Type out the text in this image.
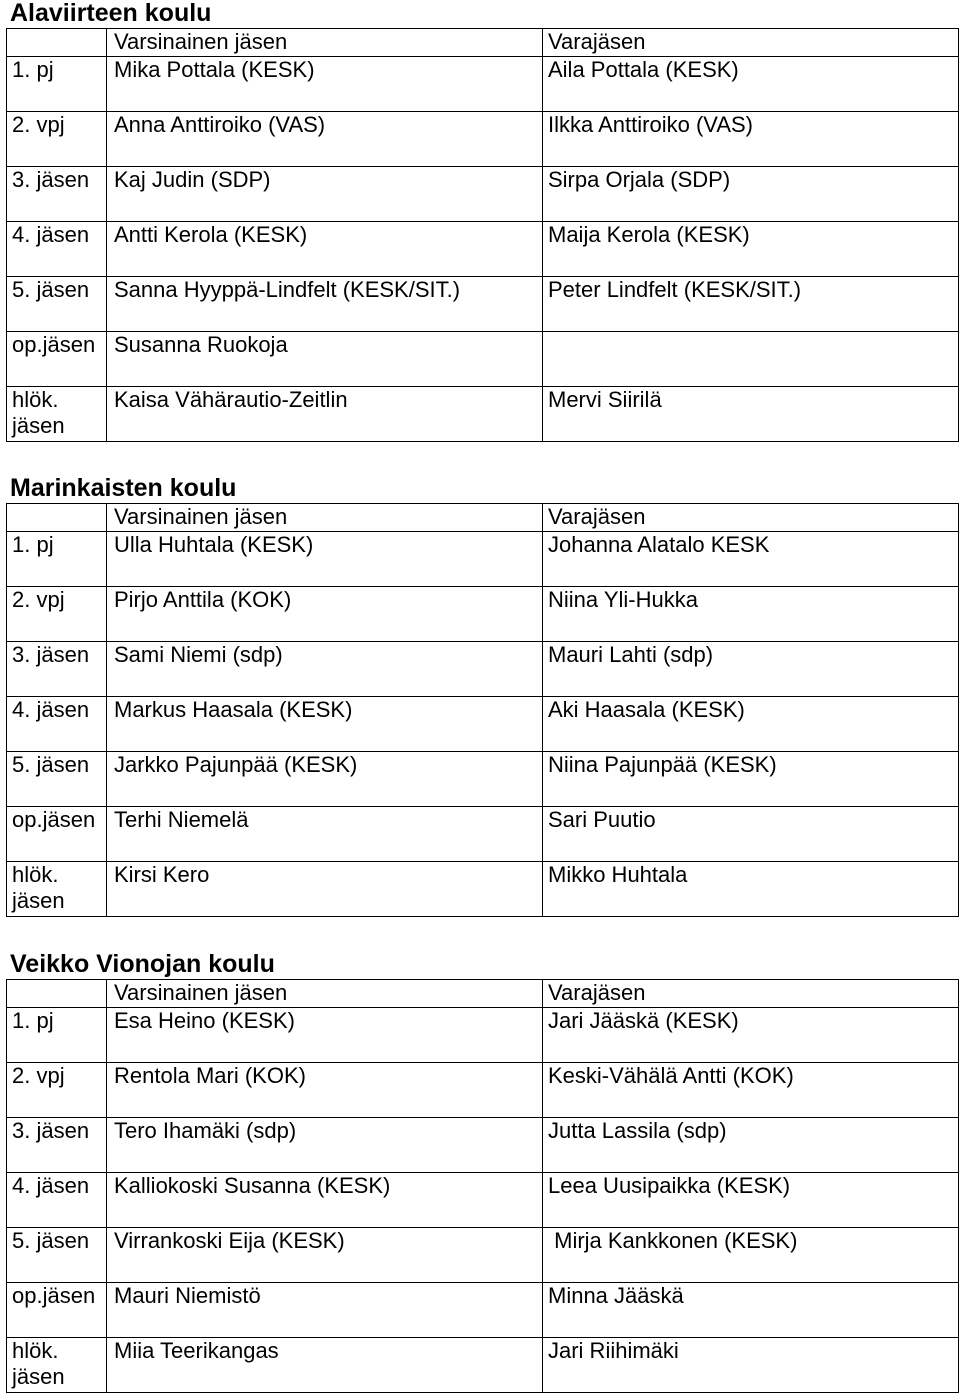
Alaviirteen koulu
	Varsinainen jäsen	Varajäsen
1. pj	Mika Pottala (KESK)	Aila Pottala (KESK)
2. vpj	Anna Anttiroiko (VAS)	Ilkka Anttiroiko (VAS)
3. jäsen	Kaj Judin (SDP)	Sirpa Orjala (SDP)
4. jäsen	Antti Kerola (KESK)	Maija Kerola (KESK)
5. jäsen	Sanna Hyyppä-Lindfelt (KESK/SIT.)	Peter Lindfelt (KESK/SIT.)
op.jäsen	Susanna Ruokoja	

hlök.
jäsen	Kaisa Vähärautio-Zeitlin	Mervi Siirilä
Marinkaisten koulu
	Varsinainen jäsen	Varajäsen
1. pj	Ulla Huhtala (KESK)	Johanna Alatalo KESK
2. vpj	Pirjo Anttila (KOK)	Niina Yli-Hukka
3. jäsen	Sami Niemi (sdp)	Mauri Lahti (sdp)
4. jäsen	Markus Haasala (KESK)	Aki Haasala (KESK)
5. jäsen	Jarkko Pajunpää (KESK)	Niina Pajunpää (KESK)
op.jäsen	Terhi Niemelä	Sari Puutio

hlök.
jäsen	Kirsi Kero	Mikko Huhtala
Veikko Vionojan koulu
	Varsinainen jäsen	Varajäsen
1. pj	Esa Heino (KESK)	Jari Jääskä (KESK)
2. vpj	Rentola Mari (KOK)	Keski-Vähälä Antti (KOK)
3. jäsen	Tero Ihamäki (sdp)	Jutta Lassila (sdp)
4. jäsen	Kalliokoski Susanna (KESK)	Leea Uusipaikka (KESK)
5. jäsen	Virrankoski Eija (KESK)	Mirja Kankkonen (KESK)
op.jäsen	Mauri Niemistö	Minna Jääskä

hlök.
jäsen	Miia Teerikangas	Jari Riihimäki
